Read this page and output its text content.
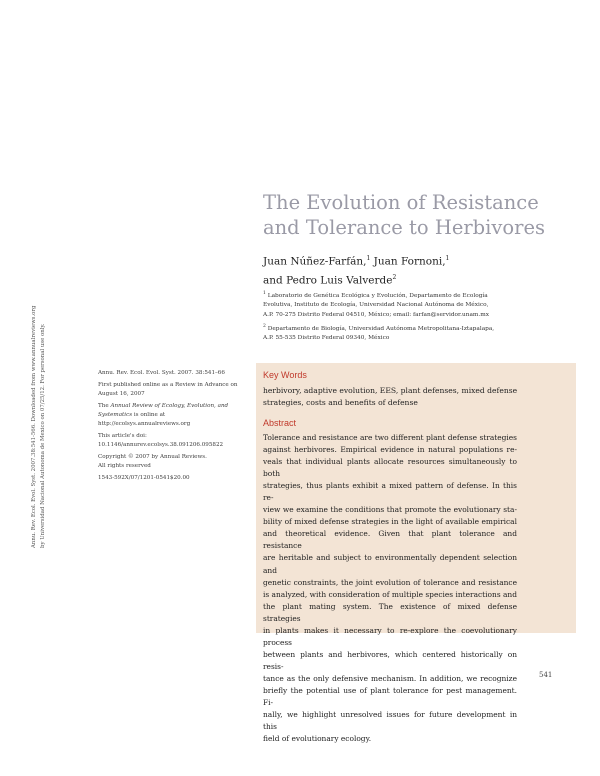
Annu. Rev. Ecol. Evol. Syst. 2007.38:541-566. Downloaded from www.annualreviews.org by Universidad Nacional Autonoma de Mexico on 07/25/12. For personal use only.
The Evolution of Resistance
and Tolerance to Herbivores
Juan Núñez-Farfán,$^1$ Juan Fornoni,$^1$
and Pedro Luis Valverde$^2$
$^1$ Laboratorio de Genética Ecológica y Evolución, Departamento de Ecología
Evolutiva, Instituto de Ecología, Universidad Nacional Autónoma de México,
A.P. 70-275 Distrito Federal 04510, México; email: farfan@servidor.unam.mx
$^2$ Departamento de Biología, Universidad Autónoma Metropolitana-Iztapalapa,
A.P. 55-535 Distrito Federal 09340, México

Annu. Rev. Ecol. Evol. Syst. 2007. 38:541–66

First published online as a Review in Advance on
August 16, 2007

The Annual Review of Ecology, Evolution, and
Systematics is online at
http://ecolsys.annualreviews.org

This article's doi:
10.1146/annurev.ecolsys.38.091206.095822

Copyright © 2007 by Annual Reviews.
All rights reserved

1543-592X/07/1201-0541$20.00

Key Words
herbivory, adaptive evolution, EES, plant defenses, mixed defense
strategies, costs and benefits of defense
Abstract
Tolerance and resistance are two different plant defense strategies
against herbivores. Empirical evidence in natural populations re-
veals that individual plants allocate resources simultaneously to both
strategies, thus plants exhibit a mixed pattern of defense. In this re-
view we examine the conditions that promote the evolutionary sta-
bility of mixed defense strategies in the light of available empirical
and theoretical evidence. Given that plant tolerance and resistance
are heritable and subject to environmentally dependent selection and
genetic constraints, the joint evolution of tolerance and resistance
is analyzed, with consideration of multiple species interactions and
the plant mating system. The existence of mixed defense strategies
in plants makes it necessary to re-explore the coevolutionary process
between plants and herbivores, which centered historically on resis-
tance as the only defensive mechanism. In addition, we recognize
briefly the potential use of plant tolerance for pest management. Fi-
nally, we highlight unresolved issues for future development in this
field of evolutionary ecology.
541
